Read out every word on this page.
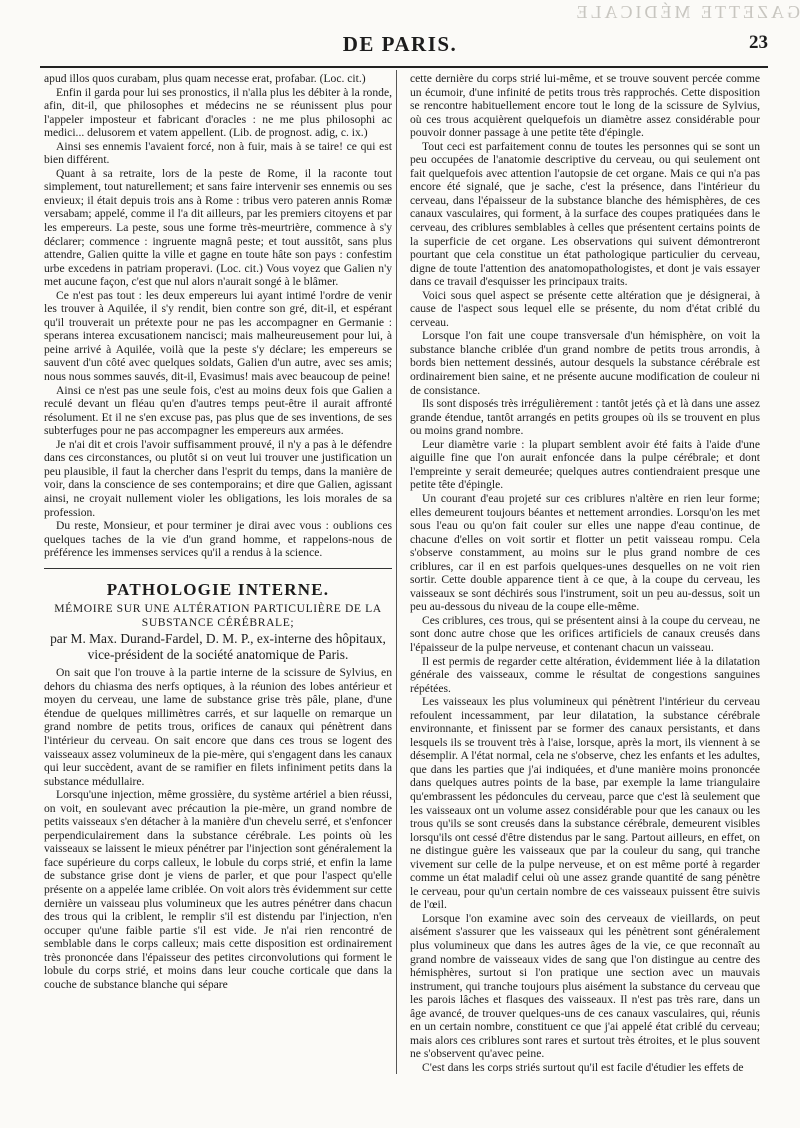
GAZETTE MÉDICALE
DE PARIS.	23

apud illos quos curabam, plus quam necesse erat, profabar. (Loc. cit.)

Enfin il garda pour lui ses pronostics, il n'alla plus les débiter à la ronde, afin, dit-il, que philosophes et médecins ne se réunissent plus pour l'appeler imposteur et fabricant d'oracles : ne me plus philosophi ac medici... delusorem et vatem appellent. (Lib. de prognost. adig, c. ix.)

Ainsi ses ennemis l'avaient forcé, non à fuir, mais à se taire! ce qui est bien différent.

Quant à sa retraite, lors de la peste de Rome, il la raconte tout simplement, tout naturellement; et sans faire intervenir ses ennemis ou ses envieux; il était depuis trois ans à Rome : tribus vero pateren annis Romæ versabam; appelé, comme il l'a dit ailleurs, par les premiers citoyens et par les empereurs. La peste, sous une forme très-meurtrière, commence à s'y déclarer; commence : ingruente magnâ peste; et tout aussitôt, sans plus attendre, Galien quitte la ville et gagne en toute hâte son pays : confestim urbe excedens in patriam properavi. (Loc. cit.) Vous voyez que Galien n'y met aucune façon, c'est que nul alors n'aurait songé à le blâmer.

Ce n'est pas tout : les deux empereurs lui ayant intimé l'ordre de venir les trouver à Aquilée, il s'y rendit, bien contre son gré, dit-il, et espérant qu'il trouverait un prétexte pour ne pas les accompagner en Germanie : sperans interea excusationem nancisci; mais malheureusement pour lui, à peine arrivé à Aquilée, voilà que la peste s'y déclare; les empereurs se sauvent d'un côté avec quelques soldats, Galien d'un autre, avec ses amis; nous nous sommes sauvés, dit-il, Evasimus! mais avec beaucoup de peine!

Ainsi ce n'est pas une seule fois, c'est au moins deux fois que Galien a reculé devant un fléau qu'en d'autres temps peut-être il aurait affronté résolument. Et il ne s'en excuse pas, pas plus que de ses inventions, de ses subterfuges pour ne pas accompagner les empereurs aux armées.

Je n'ai dit et crois l'avoir suffisamment prouvé, il n'y a pas à le défendre dans ces circonstances, ou plutôt si on veut lui trouver une justification un peu plausible, il faut la chercher dans l'esprit du temps, dans la manière de voir, dans la conscience de ses contemporains; et dire que Galien, agissant ainsi, ne croyait nullement violer les obligations, les lois morales de sa profession.

Du reste, Monsieur, et pour terminer je dirai avec vous : oublions ces quelques taches de la vie d'un grand homme, et rappelons-nous de préférence les immenses services qu'il a rendus à la science.

PATHOLOGIE INTERNE.
MÉMOIRE SUR UNE ALTÉRATION PARTICULIÈRE DE LA SUBSTANCE CÉRÉBRALE;
par M. Max. Durand-Fardel, D. M. P., ex-interne des hôpitaux, vice-président de la société anatomique de Paris.

On sait que l'on trouve à la partie interne de la scissure de Sylvius, en dehors du chiasma des nerfs optiques, à la réunion des lobes antérieur et moyen du cerveau, une lame de substance grise très pâle, plane, d'une étendue de quelques millimètres carrés, et sur laquelle on remarque un grand nombre de petits trous, orifices de canaux qui pénètrent dans l'intérieur du cerveau. On sait encore que dans ces trous se logent des vaisseaux assez volumineux de la pie-mère, qui s'engagent dans les canaux qui leur succèdent, avant de se ramifier en filets infiniment petits dans la substance médullaire.

Lorsqu'une injection, même grossière, du système artériel a bien réussi, on voit, en soulevant avec précaution la pie-mère, un grand nombre de petits vaisseaux s'en détacher à la manière d'un chevelu serré, et s'enfoncer perpendiculairement dans la substance cérébrale. Les points où les vaisseaux se laissent le mieux pénétrer par l'injection sont généralement la face supérieure du corps calleux, le lobule du corps strié, et enfin la lame de substance grise dont je viens de parler, et que pour l'aspect qu'elle présente on a appelée lame criblée. On voit alors très évidemment sur cette dernière un vaisseau plus volumineux que les autres pénétrer dans chacun des trous qui la criblent, le remplir s'il est distendu par l'injection, n'en occuper qu'une faible partie s'il est vide. Je n'ai rien rencontré de semblable dans le corps calleux; mais cette disposition est ordinairement très prononcée dans l'épaisseur des petites circonvolutions qui forment le lobule du corps strié, et moins dans leur couche corticale que dans la couche de substance blanche qui sépare

cette dernière du corps strié lui-même, et se trouve souvent percée comme un écumoir, d'une infinité de petits trous très rapprochés. Cette disposition se rencontre habituellement encore tout le long de la scissure de Sylvius, où ces trous acquièrent quelquefois un diamètre assez considérable pour pouvoir donner passage à une petite tête d'épingle.

Tout ceci est parfaitement connu de toutes les personnes qui se sont un peu occupées de l'anatomie descriptive du cerveau, ou qui seulement ont fait quelquefois avec attention l'autopsie de cet organe. Mais ce qui n'a pas encore été signalé, que je sache, c'est la présence, dans l'intérieur du cerveau, dans l'épaisseur de la substance blanche des hémisphères, de ces canaux vasculaires, qui forment, à la surface des coupes pratiquées dans le cerveau, des criblures semblables à celles que présentent certains points de la superficie de cet organe. Les observations qui suivent démontreront pourtant que cela constitue un état pathologique particulier du cerveau, digne de toute l'attention des anatomopathologistes, et dont je vais essayer dans ce travail d'esquisser les principaux traits.

Voici sous quel aspect se présente cette altération que je désignerai, à cause de l'aspect sous lequel elle se présente, du nom d'état criblé du cerveau.

Lorsque l'on fait une coupe transversale d'un hémisphère, on voit la substance blanche criblée d'un grand nombre de petits trous arrondis, à bords bien nettement dessinés, autour desquels la substance cérébrale est ordinairement bien saine, et ne présente aucune modification de couleur ni de consistance.

Ils sont disposés très irrégulièrement : tantôt jetés çà et là dans une assez grande étendue, tantôt arrangés en petits groupes où ils se trouvent en plus ou moins grand nombre.

Leur diamètre varie : la plupart semblent avoir été faits à l'aide d'une aiguille fine que l'on aurait enfoncée dans la pulpe cérébrale; et dont l'empreinte y serait demeurée; quelques autres contiendraient presque une petite tête d'épingle.

Un courant d'eau projeté sur ces criblures n'altère en rien leur forme; elles demeurent toujours béantes et nettement arrondies. Lorsqu'on les met sous l'eau ou qu'on fait couler sur elles une nappe d'eau continue, de chacune d'elles on voit sortir et flotter un petit vaisseau rompu. Cela s'observe constamment, au moins sur le plus grand nombre de ces criblures, car il en est parfois quelques-unes desquelles on ne voit rien sortir. Cette double apparence tient à ce que, à la coupe du cerveau, les vaisseaux se sont déchirés sous l'instrument, soit un peu au-dessus, soit un peu au-dessous du niveau de la coupe elle-même.

Ces criblures, ces trous, qui se présentent ainsi à la coupe du cerveau, ne sont donc autre chose que les orifices artificiels de canaux creusés dans l'épaisseur de la pulpe nerveuse, et contenant chacun un vaisseau.

Il est permis de regarder cette altération, évidemment liée à la dilatation générale des vaisseaux, comme le résultat de congestions sanguines répétées.

Les vaisseaux les plus volumineux qui pénètrent l'intérieur du cerveau refoulent incessamment, par leur dilatation, la substance cérébrale environnante, et finissent par se former des canaux persistants, et dans lesquels ils se trouvent très à l'aise, lorsque, après la mort, ils viennent à se désemplir. A l'état normal, cela ne s'observe, chez les enfants et les adultes, que dans les parties que j'ai indiquées, et d'une manière moins prononcée dans quelques autres points de la base, par exemple la lame triangulaire qu'embrassent les pédoncules du cerveau, parce que c'est là seulement que les vaisseaux ont un volume assez considérable pour que les canaux ou les trous qu'ils se sont creusés dans la substance cérébrale, demeurent visibles lorsqu'ils ont cessé d'être distendus par le sang. Partout ailleurs, en effet, on ne distingue guère les vaisseaux que par la couleur du sang, qui tranche vivement sur celle de la pulpe nerveuse, et on est même porté à regarder comme un état maladif celui où une assez grande quantité de sang pénètre le cerveau, pour qu'un certain nombre de ces vaisseaux puissent être suivis de l'œil.

Lorsque l'on examine avec soin des cerveaux de vieillards, on peut aisément s'assurer que les vaisseaux qui les pénètrent sont généralement plus volumineux que dans les autres âges de la vie, ce que reconnaît au grand nombre de vaisseaux vides de sang que l'on distingue au centre des hémisphères, surtout si l'on pratique une section avec un mauvais instrument, qui tranche toujours plus aisément la substance du cerveau que les parois lâches et flasques des vaisseaux. Il n'est pas très rare, dans un âge avancé, de trouver quelques-uns de ces canaux vasculaires, qui, réunis en un certain nombre, constituent ce que j'ai appelé état criblé du cerveau; mais alors ces criblures sont rares et surtout très étroites, et le plus souvent ne s'observent qu'avec peine.

C'est dans les corps striés surtout qu'il est facile d'étudier les effets de
